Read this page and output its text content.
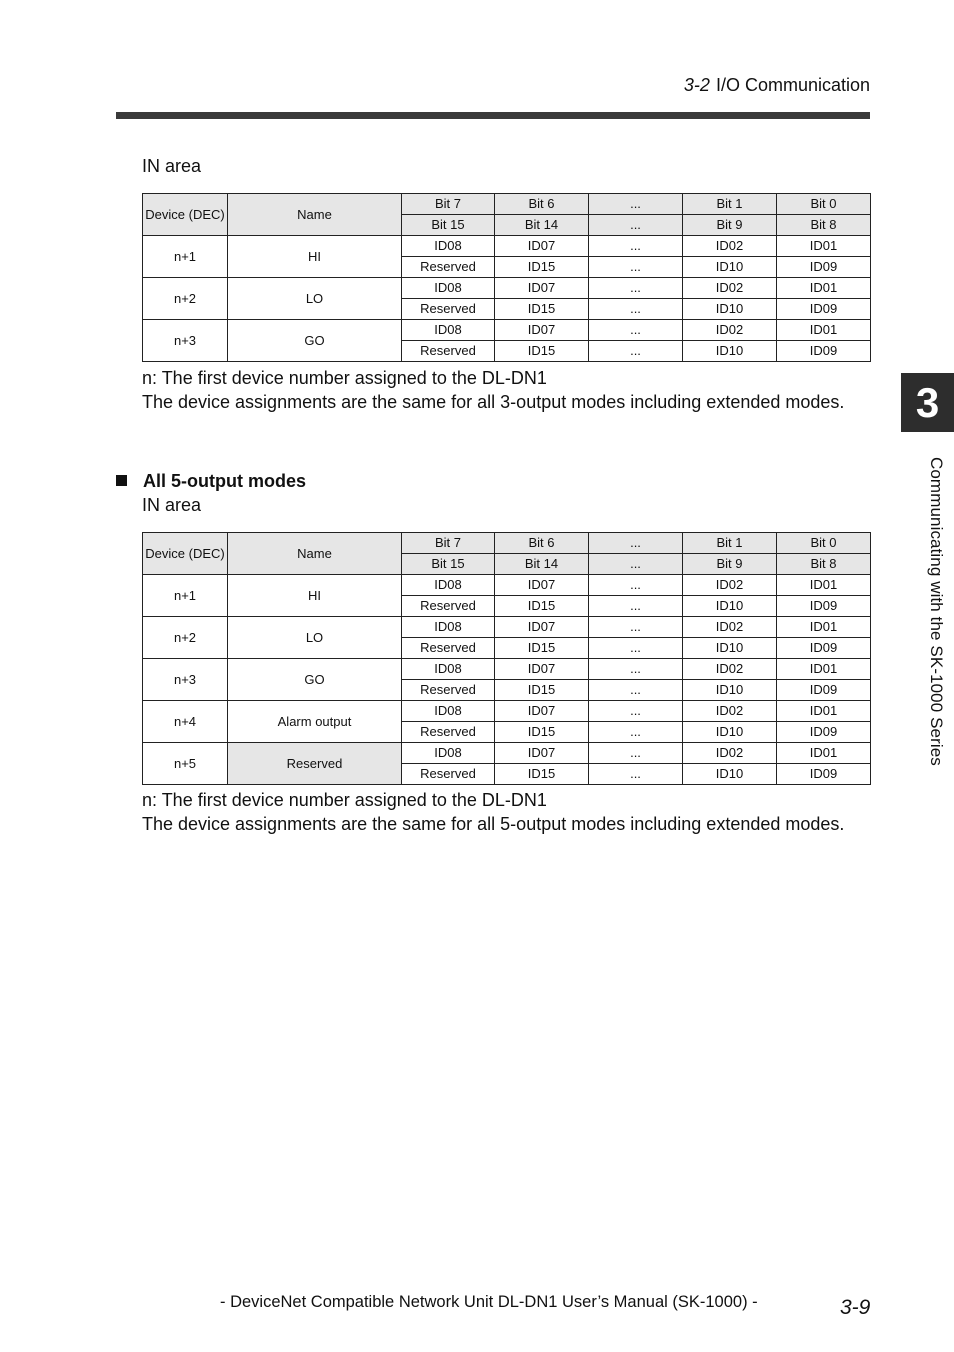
3-2 I/O Communication
IN area
Device (DEC)	Name	Bit 7	Bit 6	...	Bit 1	Bit 0
		Bit 15	Bit 14	...	Bit 9	Bit 8
n+1	HI	ID08	ID07	...	ID02	ID01
		Reserved	ID15	...	ID10	ID09
n+2	LO	ID08	ID07	...	ID02	ID01
		Reserved	ID15	...	ID10	ID09
n+3	GO	ID08	ID07	...	ID02	ID01
		Reserved	ID15	...	ID10	ID09

n: The first device number assigned to the DL-DN1

The device assignments are the same for all 3-output modes including extended modes.

All 5-output modes
IN area
Device (DEC)	Name	Bit 7	Bit 6	...	Bit 1	Bit 0
		Bit 15	Bit 14	...	Bit 9	Bit 8
n+1	HI	ID08	ID07	...	ID02	ID01
		Reserved	ID15	...	ID10	ID09
n+2	LO	ID08	ID07	...	ID02	ID01
		Reserved	ID15	...	ID10	ID09
n+3	GO	ID08	ID07	...	ID02	ID01
		Reserved	ID15	...	ID10	ID09
n+4	Alarm output	ID08	ID07	...	ID02	ID01
		Reserved	ID15	...	ID10	ID09
n+5	Reserved	ID08	ID07	...	ID02	ID01
		Reserved	ID15	...	ID10	ID09

n: The first device number assigned to the DL-DN1

The device assignments are the same for all 5-output modes including extended modes.

3
Communicating with the SK-1000 Series
- DeviceNet Compatible Network Unit DL-DN1 User’s Manual (SK-1000) -	3-9
